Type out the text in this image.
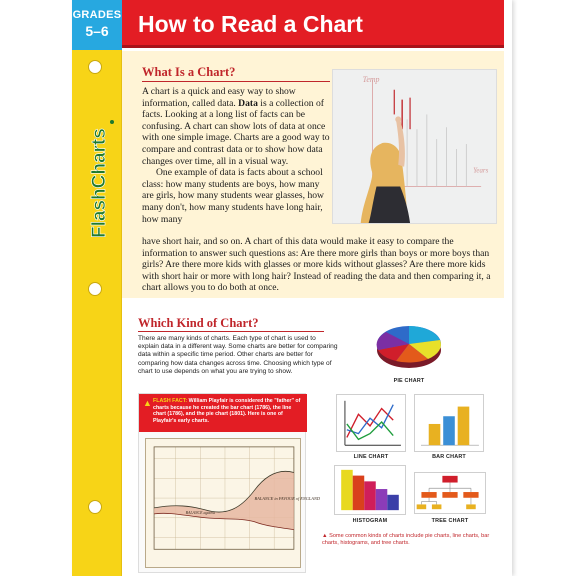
GRADES
5–6
FlashCharts
How to Read a Chart
What Is a Chart?
A chart is a quick and easy way to show information, called data. Data is a collection of facts. Looking at a long list of facts can be confusing. A chart can show lots of data at once with one simple image. Charts are a good way to compare and contrast data or to show how data changes over time, all in a visual way.
One example of data is facts about a school class: how many students are boys, how many are girls, how many students wear glasses, how many don't, how many students have long hair, how many
have short hair, and so on. A chart of this data would make it easy to compare the information to answer such questions as: Are there more girls than boys or more boys than girls? Are there more kids with glasses or more kids without glasses? Are there more kids with short hair or more with long hair? Instead of reading the data and then comparing it, a chart allows you to do both at once.
Temp
Years
Which Kind of Chart?
There are many kinds of charts. Each type of chart is used to explain data in a different way. Some charts are better for comparing data within a specific time period. Other charts are better for comparing how data changes across time. Choosing which type of chart to use depends on what you are trying to show.
▲ FLASH FACT: William Playfair is considered the "father" of charts because he created the bar chart (1786), the line chart (1786), and the pie chart (1801). Here is one of Playfair's early charts.
BALANCE in FAVOUR of ENGLAND
BALANCE against
PIE CHART
LINE CHART	BAR CHART
HISTOGRAM	TREE CHART
▲ Some common kinds of charts include pie charts, line charts, bar charts, histograms, and tree charts.
